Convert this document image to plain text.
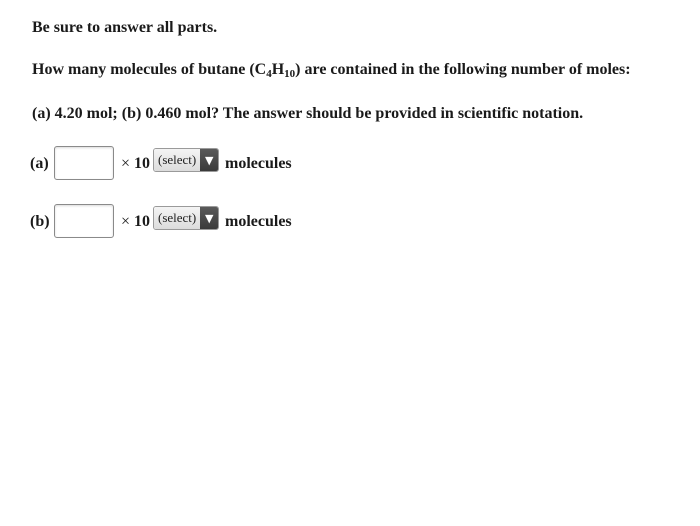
Be sure to answer all parts.
How many molecules of butane $(C_4H_{10})$ are contained in the following number of moles:
(a) 4.20 mol; (b) 0.460 mol? The answer should be provided in scientific notation.
(a)	× 10 (select) ▼ molecules
(b)	× 10 (select) ▼ molecules
